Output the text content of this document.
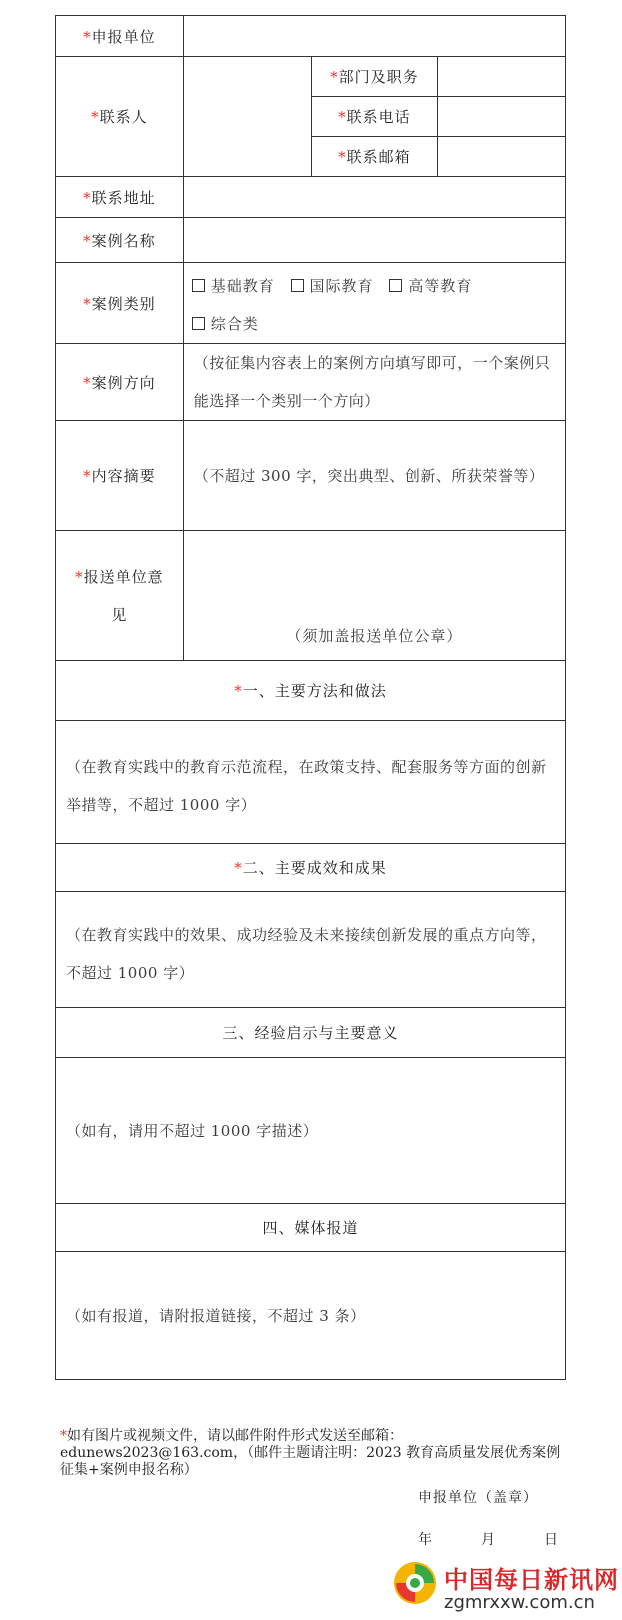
*申报单位			
*联系人		*部门及职务	
		*联系电话	
		*联系邮箱	
*联系地址			
*案例名称			
*案例类别	基础教育 国际教育 高等教育 综合类		

*案例方向	（按征集内容表上的案例方向填写即可，一个案例只能选择一个类别一个方向）		

*内容摘要	（不超过 300 字，突出典型、创新、所获荣誉等）		

*报送单位意见	（须加盖报送单位公章）		

*一、主要方法和做法			

（在教育实践中的教育示范流程，在政策支持、配套服务等方面的创新举措等，不超过 1000 字）			

*二、主要成效和成果			

（在教育实践中的效果、成功经验及未来接续创新发展的重点方向等，不超过 1000 字）			

三、经验启示与主要意义			

（如有，请用不超过 1000 字描述）			

四、媒体报道			

（如有报道，请附报道链接，不超过 3 条）			
*如有图片或视频文件，请以邮件附件形式发送至邮箱：edunews2023@163.com，（邮件主题请注明：2023 教育高质量发展优秀案例征集+案例申报名称）
申报单位（盖章）
年	月	日
中国每日新讯网
zgmrxxw.com.cn
